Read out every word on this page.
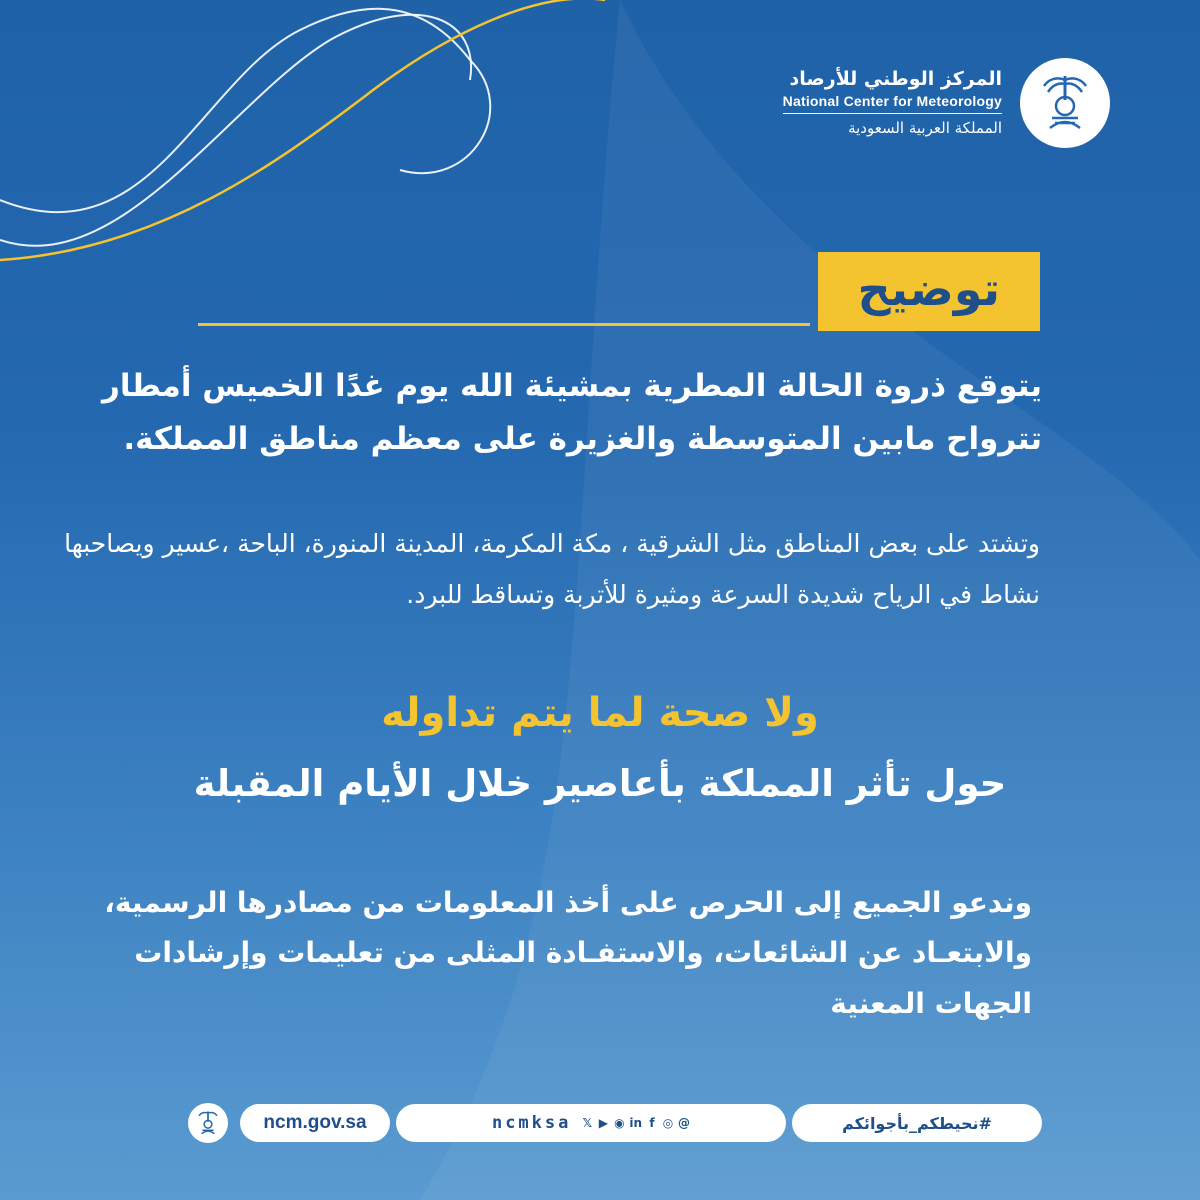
المركز الوطني للأرصاد
National Center for Meteorology
المملكة العربية السعودية
توضيح
يتوقع ذروة الحالة المطرية بمشيئة الله يوم غدًا الخميس أمطار تترواح مابين المتوسطة والغزيرة على معظم مناطق المملكة.
وتشتد على بعض المناطق مثل الشرقية ، مكة المكرمة، المدينة المنورة، الباحة ،عسير ويصاحبها نشاط في الرياح شديدة السرعة ومثيرة للأتربة وتساقط للبرد.
ولا صحة لما يتم تداوله
حول تأثر المملكة بأعاصير خلال الأيام المقبلة
وندعو الجميع إلى الحرص على أخذ المعلومات من مصادرها الرسمية، والابتعـاد عن الشائعات، والاستفـادة المثلى من تعليمات وإرشادات الجهات المعنية
ncm.gov.sa	ncmksa 𝕏 ▶ ◉ in f ◎ @	#نحيطكم_بأجوائكم
